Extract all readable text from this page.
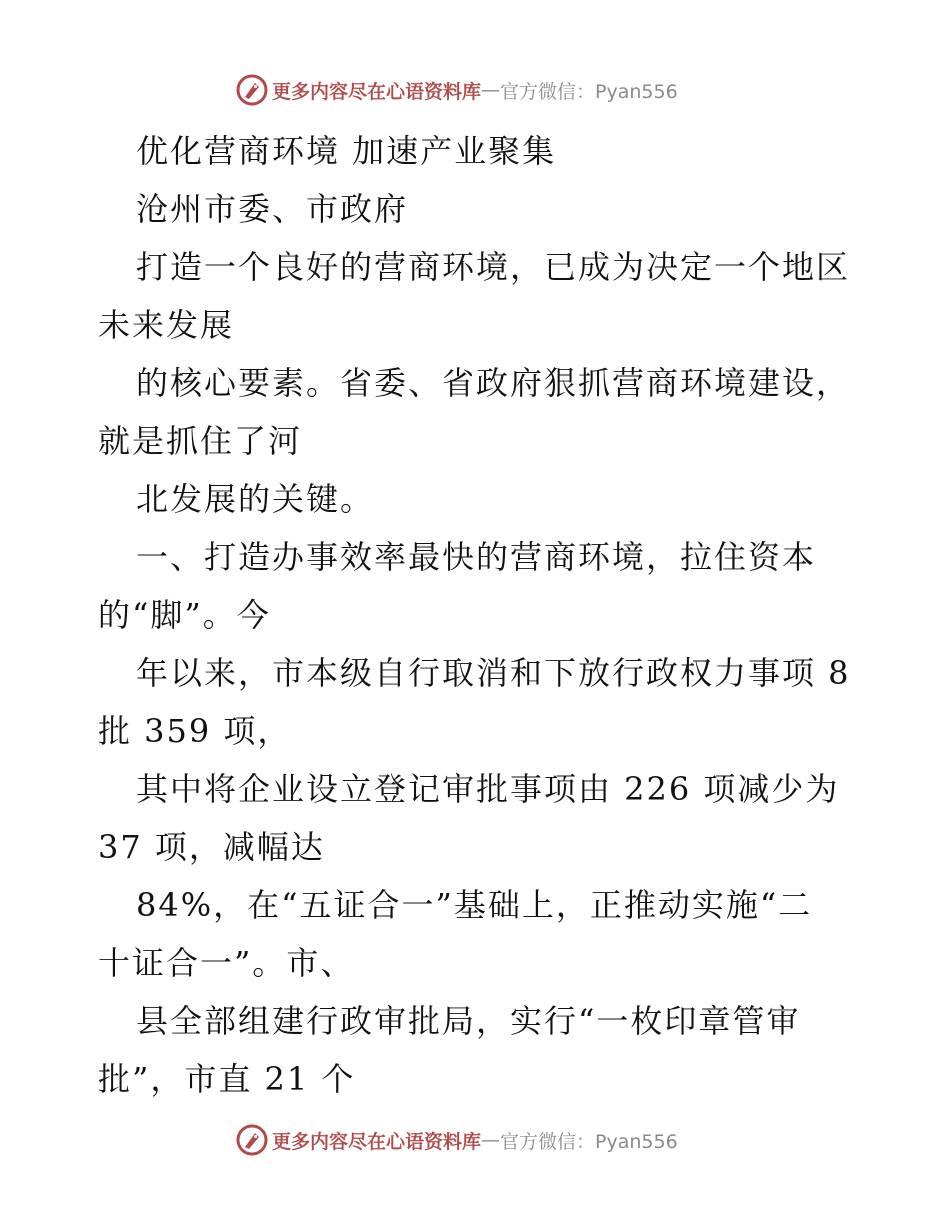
更多内容尽在心语资料库 — 官方微信：Pyan556
优化营商环境 加速产业聚集
沧州市委、市政府
打造一个良好的营商环境，已成为决定一个地区
未来发展
的核心要素。省委、省政府狠抓营商环境建设，
就是抓住了河
北发展的关键。
一、打造办事效率最快的营商环境，拉住资本
的“脚”。今
年以来，市本级自行取消和下放行政权力事项 8
批 359 项，
其中将企业设立登记审批事项由 226 项减少为
37 项，减幅达
84%，在“五证合一”基础上，正推动实施“二
十证合一”。市、
县全部组建行政审批局，实行“一枚印章管审
批”，市直 21 个
更多内容尽在心语资料库 — 官方微信：Pyan556
